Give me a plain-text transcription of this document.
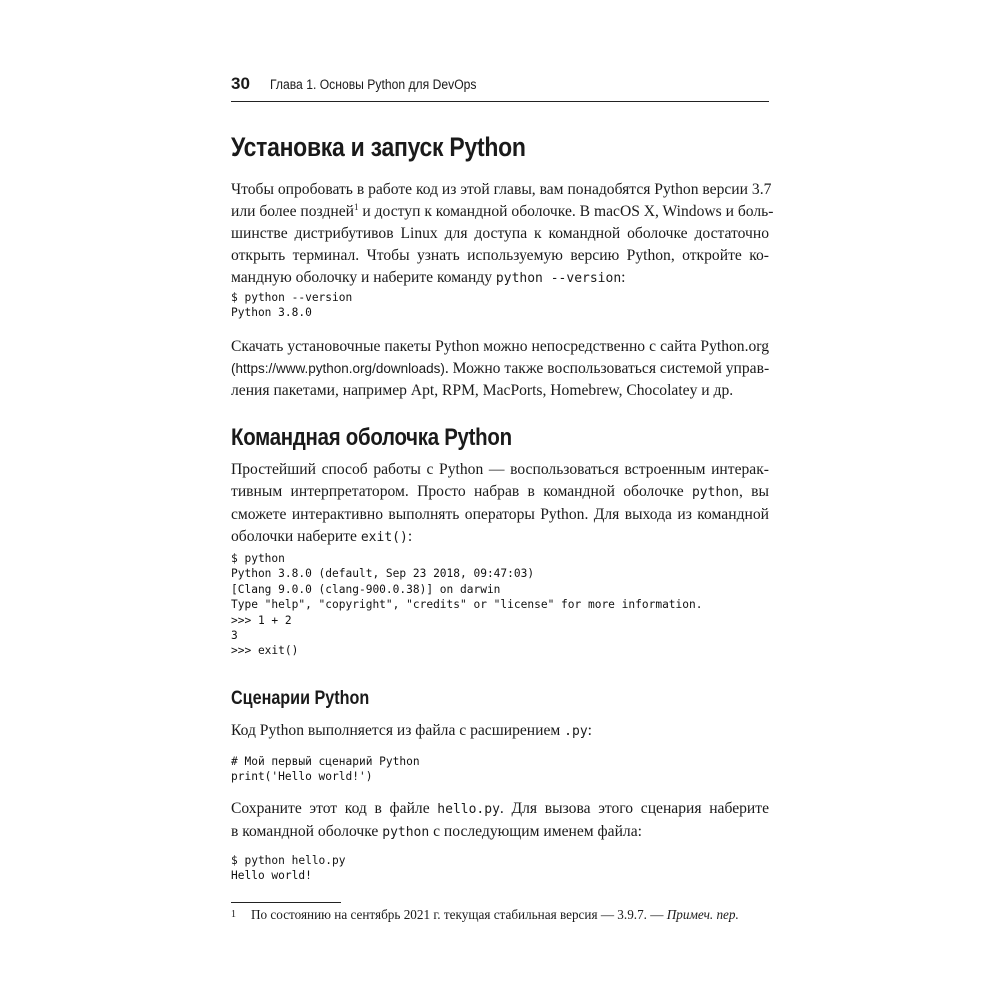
30 Глава 1. Основы Python для DevOps
Установка и запуск Python

Чтобы опробовать в работе код из этой главы, вам понадобятся Python версии 3.7
или более поздней$^1$ и доступ к командной оболочке. В macOS X, Windows и боль-
шинстве дистрибутивов Linux для доступа к командной оболочке достаточно
открыть терминал. Чтобы узнать используемую версию Python, откройте ко-
мандную оболочку и наберите команду python --version:

$ python --version
Python 3.8.0

Скачать установочные пакеты Python можно непосредственно с сайта Python.org
(https://www.python.org/downloads). Можно также воспользоваться системой управ-
ления пакетами, например Apt, RPM, MacPorts, Homebrew, Chocolatey и др.

Командная оболочка Python

Простейший способ работы с Python — воспользоваться встроенным интерак-
тивным интерпретатором. Просто набрав в командной оболочке python, вы
сможете интерактивно выполнять операторы Python. Для выхода из командной
оболочки наберите exit():

$ python
Python 3.8.0 (default, Sep 23 2018, 09:47:03)
[Clang 9.0.0 (clang-900.0.38)] on darwin
Type "help", "copyright", "credits" or "license" for more information.
>>> 1 + 2
3
>>> exit()
Сценарии Python

Код Python выполняется из файла с расширением .py:

# Мой первый сценарий Python
print('Hello world!')

Сохраните этот код в файле hello.py. Для вызова этого сценария наберите
в командной оболочке python с последующим именем файла:

$ python hello.py
Hello world!
1 По состоянию на сентябрь 2021 г. текущая стабильная версия — 3.9.7. — Примеч. пер.
